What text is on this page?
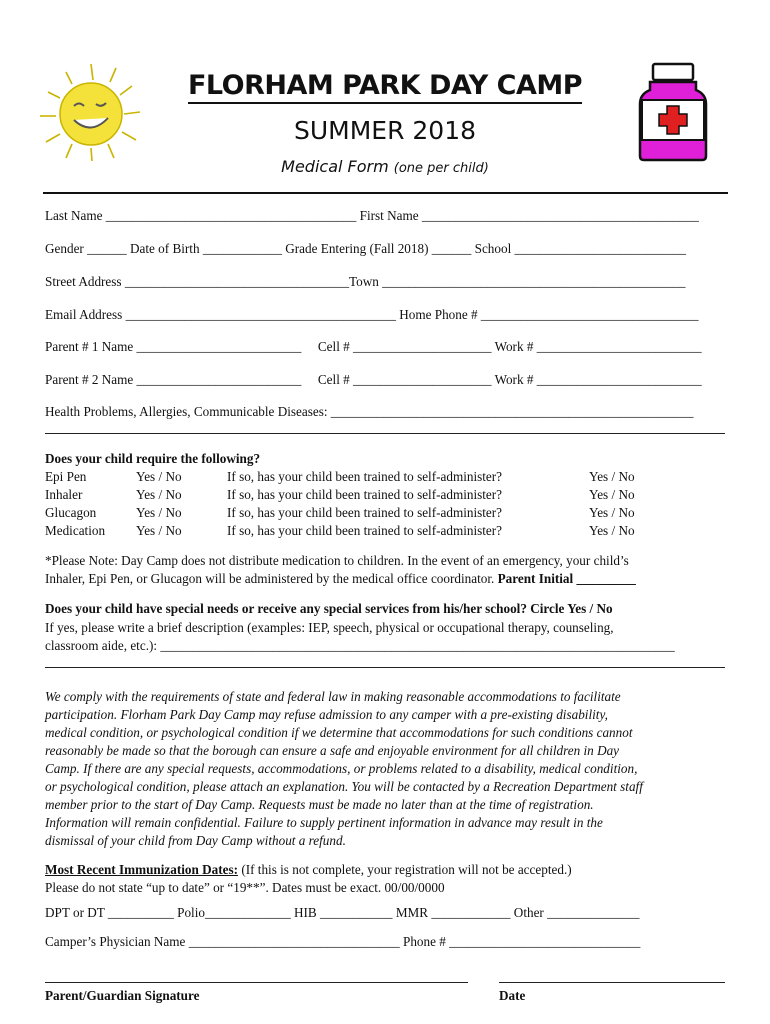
FLORHAM PARK DAY CAMP
SUMMER 2018
Medical Form (one per child)
Last Name ______________________________________ First Name __________________________________________
Gender ______ Date of Birth ____________ Grade Entering (Fall 2018) ______ School __________________________
Street Address __________________________________Town ______________________________________________
Email Address _________________________________________ Home Phone # _________________________________
Parent # 1 Name _________________________     Cell # _____________________ Work # _________________________
Parent # 2 Name _________________________     Cell # _____________________ Work # _________________________
Health Problems, Allergies, Communicable Diseases: _______________________________________________________
Does your child require the following?
Epi Pen
Inhaler
Glucagon
Medication
Yes / No
Yes / No
Yes / No
Yes / No
If so, has your child been trained to self-administer?
If so, has your child been trained to self-administer?
If so, has your child been trained to self-administer?
If so, has your child been trained to self-administer?
Yes / No
Yes / No
Yes / No
Yes / No
*Please Note: Day Camp does not distribute medication to children. In the event of an emergency, your child’s
Inhaler, Epi Pen, or Glucagon will be administered by the medical office coordinator. Parent Initial _________
Does your child have special needs or receive any special services from his/her school? Circle Yes / No
If yes, please write a brief description (examples: IEP, speech, physical or occupational therapy, counseling,
classroom aide, etc.): ______________________________________________________________________________
We comply with the requirements of state and federal law in making reasonable accommodations to facilitate
participation. Florham Park Day Camp may refuse admission to any camper with a pre-existing disability,
medical condition, or psychological condition if we determine that accommodations for such conditions cannot
reasonably be made so that the borough can ensure a safe and enjoyable environment for all children in Day
Camp. If there are any special requests, accommodations, or problems related to a disability, medical condition,
or psychological condition, please attach an explanation. You will be contacted by a Recreation Department staff
member prior to the start of Day Camp. Requests must be made no later than at the time of registration.
Information will remain confidential. Failure to supply pertinent information in advance may result in the
dismissal of your child from Day Camp without a refund.
Most Recent Immunization Dates: (If this is not complete, your registration will not be accepted.)
Please do not state “up to date” or “19**”. Dates must be exact. 00/00/0000
DPT or DT __________ Polio_____________ HIB ___________ MMR ____________ Other ______________
Camper’s Physician Name ________________________________ Phone # _____________________________
Parent/Guardian Signature	Date
